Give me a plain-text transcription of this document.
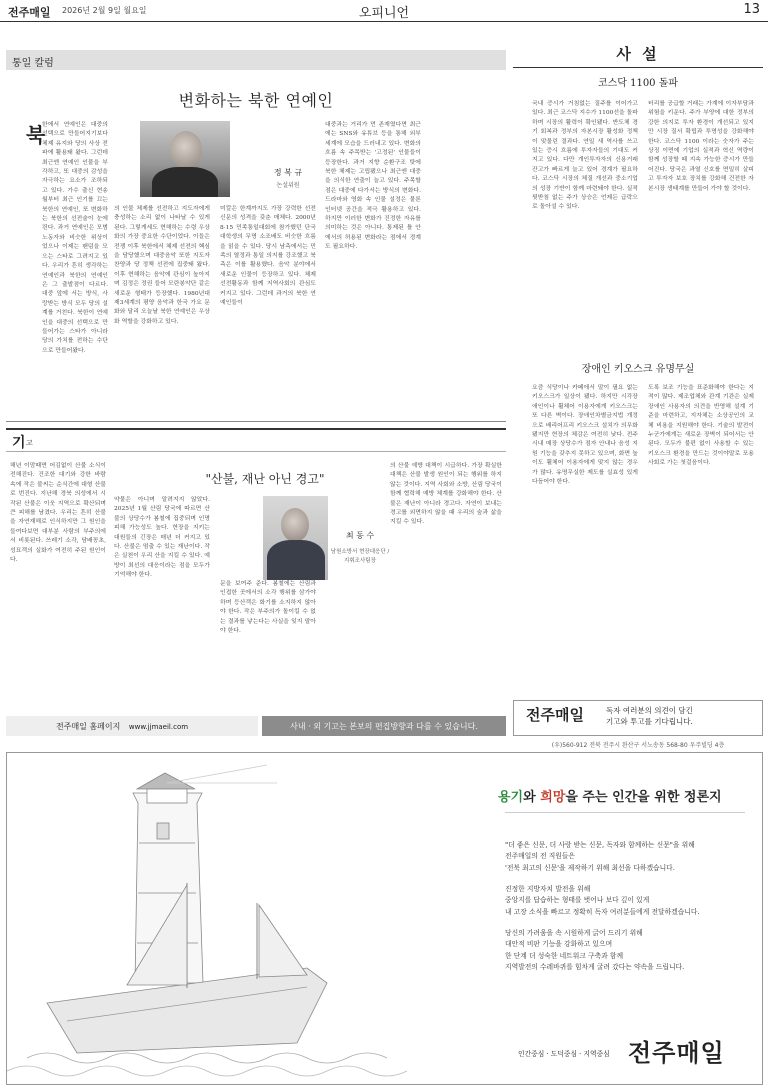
전주매일 2026년 2월 9일 월요일	오피니언	13
통일 칼럼
변화하는 북한 연예인
북
한에서 연예인은 대중의 선택으로 만들어지기보다 체제 유지와 당의 사상 전파에 활용돼 왔다. 그런데 최근엔 연예인 인물을 부각하고, 또 대중의 감성을 자극하는 요소가 조하되고 있다. 가수 출신 현송월부터 최근 인기를 끄는 북한의 연예인, 또 변화하는 북한의 선전술이 눈에 띈다. 과거 연예인은 모범 노동자와 비슷한 위상이었으나 이제는 팬덤을 모으는 스타로 그려지고 있다. 우리가 흔히 생각하는 연예인과 북한의 연예인은 그 출발점이 다르다. 대중 앞에 서는 방식, 사랑받는 방식 모두 당의 설계를 거친다. 북한이 연예인을 대중의 선택으로 만들어가는 스타가 아니라 당의 가치를 전하는 수단으로 만들어왔다.
의 인물 체제를 선전하고 지도자에게 충성하는 소리 없이 나타날 수 있게 된다. 그렇게세도 현해하는 수령 우상화의 가장 중요한 수단이었다. 이들은 전쟁 이후 북한에서 체제 선전의 핵심을 담당했으며 대중음악 또한 지도자 찬양과 당 정책 선전에 집중돼 왔다. 이후 현해하는 음악에 관심이 높아지며 김정은 정권 들어 모란봉악단 같은 새로운 형태가 등장했다. 1980년대 제3세계의 평양 음악과 한국 가요 문화와 달리 오늘날 북한 연예인은 우상화 역할을 강화하고 있다.
미칼은 한계까지도 가장 강력한 선전신문의 성격을 갖춘 매체다. 2000년 8·15 민족통일대회에 참가했던 단국대학생의 무명 소조배도 비슷한 흐름을 읽을 수 있다. 당시 남측에서는 민족의 열정과 통일 의지를 강조했고 북측은 이를 활용했다. 음악 분야에서 새로운 인물이 등장하고 있다. 체제 선전활동과 함께 지역사회의 관심도 커지고 있다. 그런데 과거의 북한 연예인들이
대중과는 거리가 먼 존재였다면 최근에는 SNS와 유튜브 등을 통해 외부 세계에 모습을 드러내고 있다. 변화의 흐름 속 주목받는 '고정된' 인물들이 등장한다. 과거 지향 순환구조 탓에 북한 체제는 고립됐으나 최근엔 대중을 의식한 연출이 늘고 있다. 주목할 점은 대중에 다가서는 방식의 변화다. 드라마와 영화 속 인물 설정은 물론 인터넷 공간을 적극 활용하고 있다. 하지만 이러한 변화가 진정한 자유를 의미하는 것은 아니다. 통제된 틀 안에서의 허용된 변화라는 점에서 경계도 필요하다.
정 복 규
논설위원
사 설
코스닥 1100 돌파
국내 증시가 거침없는 질주를 이어가고 있다. 최근 코스닥 지수가 1100선을 돌파하며 시장의 활력이 확인됐다. 반도체 경기 회복과 정부의 자본시장 활성화 정책이 맞물린 결과다. 연일 새 역사를 쓰고 있는 증시 흐름에 투자자들의 기대도 커지고 있다. 다만 개인투자자의 신용거래 잔고가 빠르게 늘고 있어 경계가 필요하다. 코스닥 시장의 체질 개선과 중소기업의 성장 기반이 함께 마련돼야 한다. 실적 뒷받침 없는 주가 상승은 언제든 급락으로 돌아설 수 있다.
터리를 공급할 거래는 가계에 이자부담과 위험을 키운다. 주가 부양에 대한 정부의 강한 의지로 투자 환경이 개선되고 있지만 시장 질서 확립과 투명성을 강화해야 한다. 코스닥 1100 이라는 숫자가 주는 상징 이면에 기업의 실적과 혁신 역량이 함께 성장할 때 지속 가능한 증시가 만들어진다. 당국은 과열 신호를 면밀히 살피고 투자자 보호 장치를 강화해 건전한 자본시장 생태계를 만들어 가야 할 것이다.
장애인 키오스크 유명무실
요즘 식당이나 카페에서 말이 필요 없는 키오스크가 일상이 됐다. 하지만 시각장애인이나 휠체어 이용자에게 키오스크는 또 다른 벽이다. 장애인차별금지법 개정으로 배리어프리 키오스크 설치가 의무화됐지만 현장의 체감은 여전히 낮다. 전주 시내 매장 상당수가 점자 안내나 음성 지원 기능을 갖추지 못하고 있으며, 화면 높이도 휠체어 이용자에게 맞지 않는 경우가 많다. 유명무실한 제도를 실효성 있게 다듬어야 한다.
도록 보조 기능을 표준화해야 한다는 지적이 많다. 제조업체와 관계 기관은 실제 장애인 사용자의 의견을 반영해 설계 기준을 마련하고, 지자체는 소상공인의 교체 비용을 지원해야 한다. 기술의 발전이 누군가에게는 새로운 장벽이 되어서는 안 된다. 모두가 불편 없이 사용할 수 있는 키오스크 환경을 만드는 것이야말로 포용 사회로 가는 첫걸음이다.
기 고
"산불, 재난 아닌 경고"
해년 이맘때면 어김없이 산불 소식이 전해진다. 건조한 대기와 강한 바람 속에 작은 불씨는 순식간에 대형 산불로 번진다. 지난해 경북 의성에서 시작된 산불은 이웃 지역으로 확산되며 큰 피해를 남겼다. 우리는 흔히 산불을 자연재해로 인식하지만 그 원인을 들여다보면 대부분 사람의 부주의에서 비롯된다. 쓰레기 소각, 담배꽁초, 성묘객의 실화가 여전히 주된 원인이다.
약물은 아니며 알려지지 않았다. 2025년 1월 산림 당국에 따르면 산불의 상당수가 봄철에 집중되며 인명 피해 가능성도 높다. 현장을 지키는 대원들의 긴장은 매년 더 커지고 있다. 산불은 멈출 수 있는 재난이다. 작은 실천이 우리 산을 지킬 수 있다. 예방이 최선의 대응이라는 점을 모두가 기억해야 한다.
문을 보여주 준다. 봄철에는 산림과 인접한 곳에서의 소각 행위를 삼가야 하며 등산객은 화기를 소지하지 않아야 한다. 작은 부주의가 돌이킬 수 없는 결과를 낳는다는 사실을 잊지 말아야 한다.
의 산불 예방 대책이 시급하다. 가장 확실한 대책은 산불 발생 원인이 되는 행위를 하지 않는 것이다. 지역 사회와 소방, 산림 당국이 함께 협력해 예방 체계를 강화해야 한다. 산불은 재난이 아니라 경고다. 자연이 보내는 경고를 외면하지 않을 때 우리의 숲과 삶을 지킬 수 있다.
최 동 수
남원소방서 현장대응단 / 지휘조사팀장
전주매일 홈페이지 www.jjmaeil.com	사내 · 외 기고는 본보의 편집방향과 다를 수 있습니다.
전주매일	독자 여러분의 의견이 담긴
기고와 투고를 기다립니다.
(우)560-912 전북 전주시 완산구 서노송동 568-80 우주빌딩 4층
용기와 희망을 주는 인간을 위한 정론지
"더 좋은 신문, 더 사랑 받는 신문, 독자와 함께하는 신문"을 위해
전주매일의 전 직원들은
'전북 최고의 신문'을 제작하기 위해 최선을 다하겠습니다.
진정한 지방자치 발전을 위해
중앙지를 답습하는 형태를 벗어나 보다 깊이 있게
내 고장 소식을 빠르고 정확히 독자 여러분들에게 전달하겠습니다.
당신의 가려움을 속 시원하게 긁어 드리기 위해
대안적 비판 기능을 강화하고 있으며
한 단계 더 성숙한 네트워크 구축과 함께
지역발전의 수레바퀴를 힘차게 굴려 갔다는 약속을 드립니다.
인간중심 · 도덕중심 · 지역중심 전주매일
